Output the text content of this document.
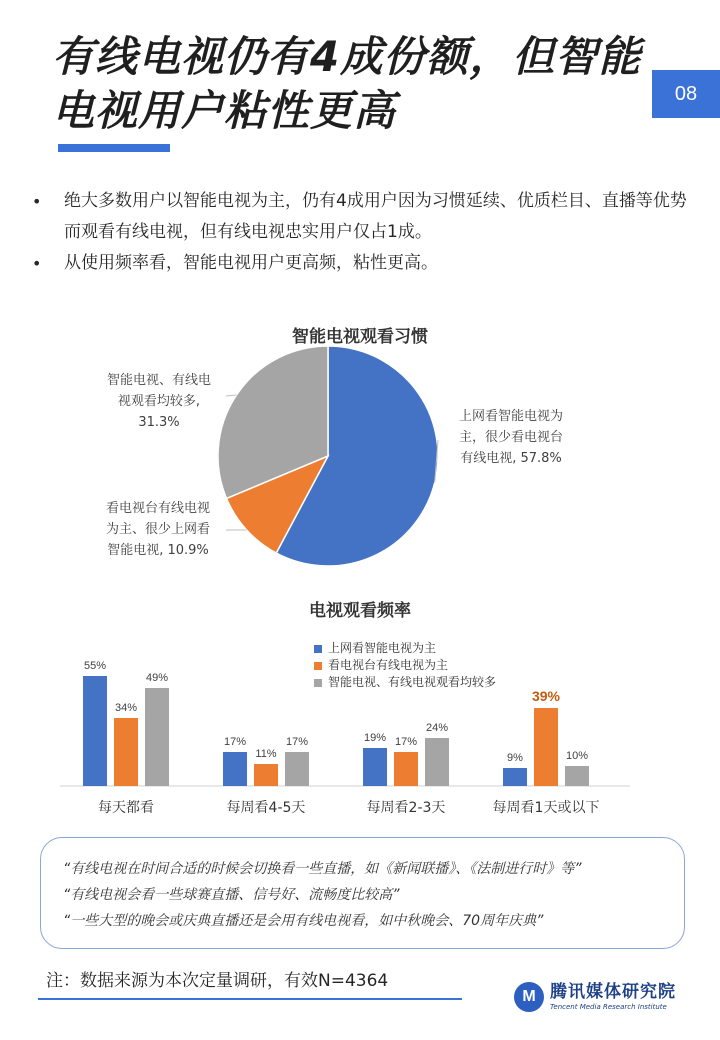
有线电视仍有4成份额，但智能
电视用户粘性更高	08
• 绝大多数用户以智能电视为主，仍有4成用户因为习惯延续、优质栏目、直播等优势而观看有线电视，但有线电视忠实用户仅占1成。
• 从使用频率看，智能电视用户更高频，粘性更高。
智能电视观看习惯
上网看智能电视为
主，很少看电视台
有线电视, 57.8%
看电视台有线电视
为主、很少上网看
智能电视, 10.9%
智能电视、有线电
视观看均较多,
31.3%
电视观看频率
55%
34%
49%
每天都看
17%
11%
17%
每周看4-5天
19% 17%
24%
每周看2-3天
9%
39%
10%
每周看1天或以下
上网看智能电视为主
看电视台有线电视为主
智能电视、有线电视观看均较多
“有线电视在时间合适的时候会切换看一些直播，如《新闻联播》、《法制进行时》等”
“有线电视会看一些球赛直播、信号好、流畅度比较高”
“一些大型的晚会或庆典直播还是会用有线电视看，如中秋晚会、70周年庆典”
注：数据来源为本次定量调研，有效N=4364
M 腾讯媒体研究院
Tencent Media Research Institute
